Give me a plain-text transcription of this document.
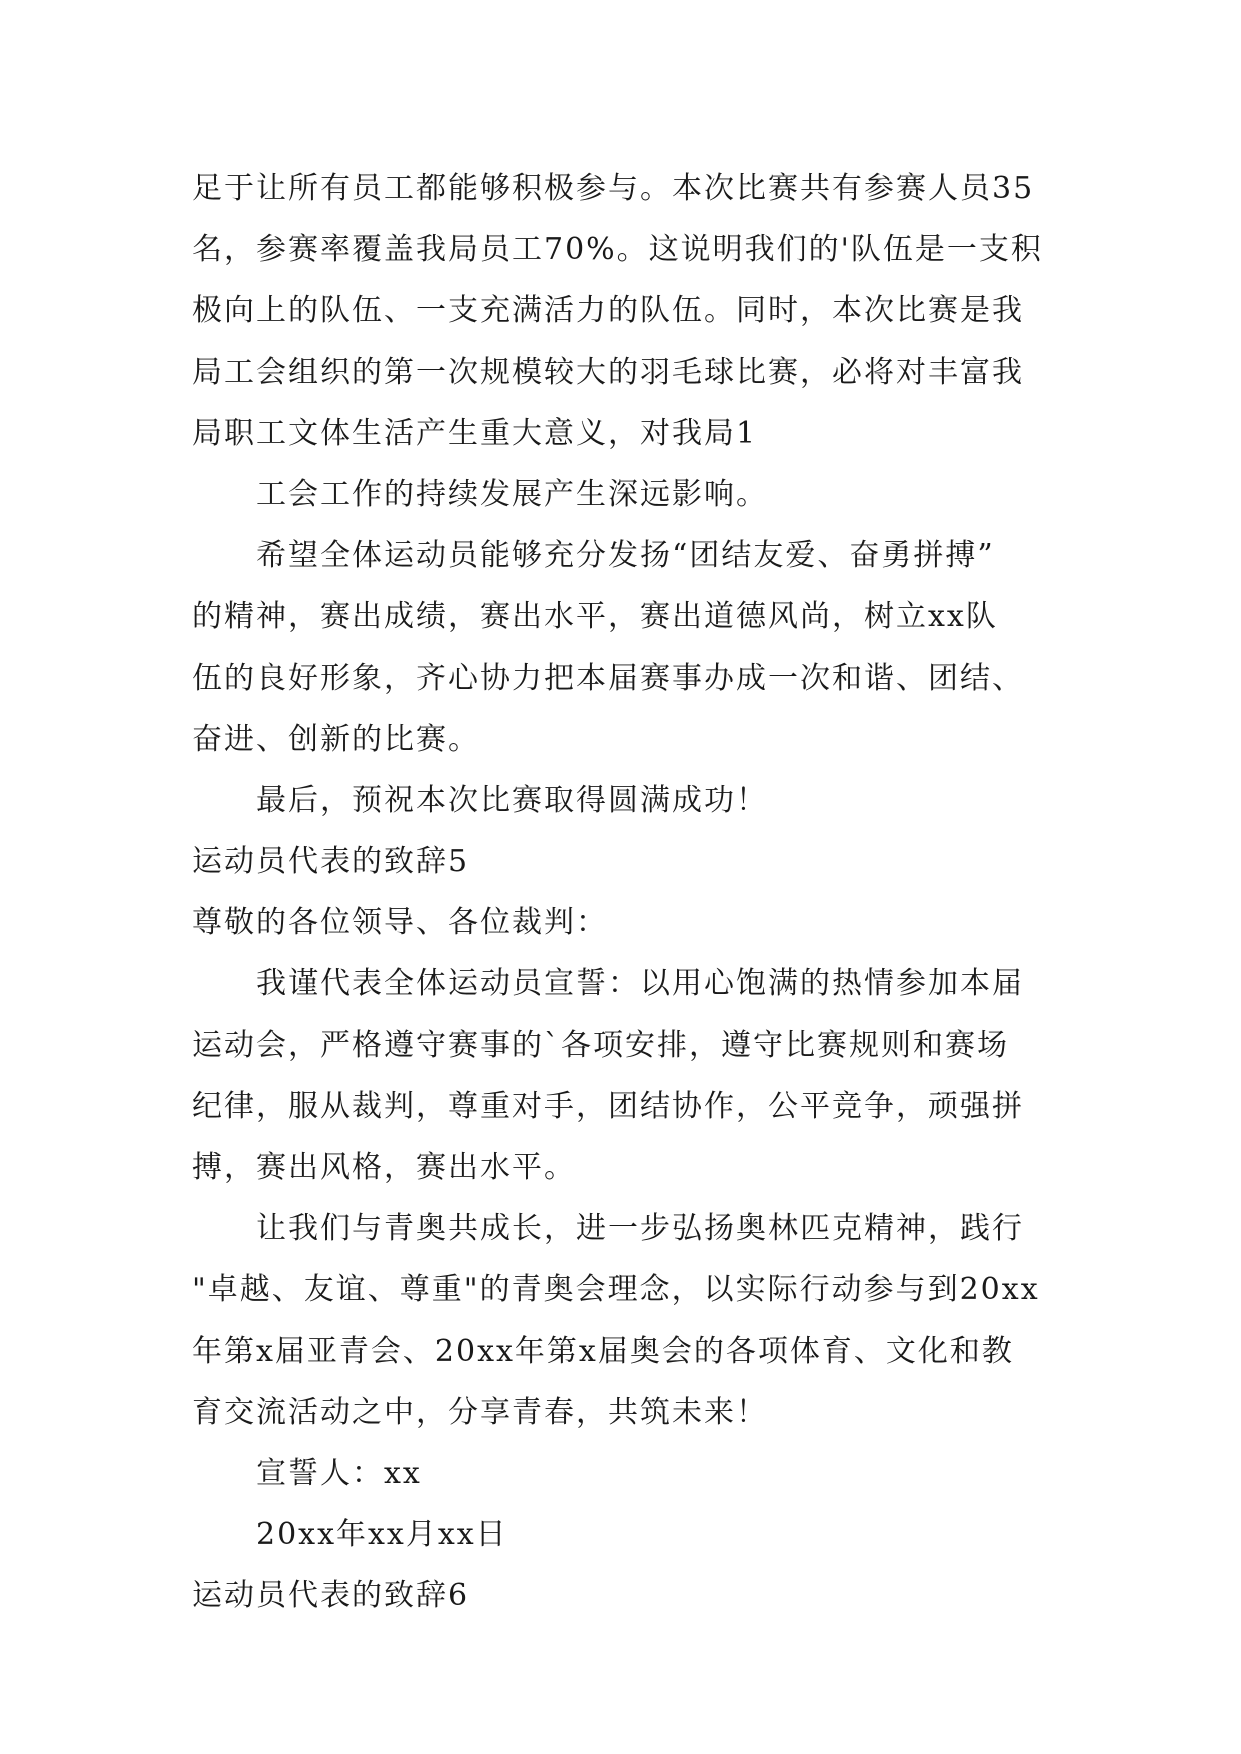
足于让所有员工都能够积极参与。本次比赛共有参赛人员35
名，参赛率覆盖我局员工70%。这说明我们的'队伍是一支积
极向上的队伍、一支充满活力的队伍。同时，本次比赛是我
局工会组织的第一次规模较大的羽毛球比赛，必将对丰富我
局职工文体生活产生重大意义，对我局1
工会工作的持续发展产生深远影响。
希望全体运动员能够充分发扬“团结友爱、奋勇拼搏”
的精神，赛出成绩，赛出水平，赛出道德风尚，树立xx队
伍的良好形象，齐心协力把本届赛事办成一次和谐、团结、
奋进、创新的比赛。
最后，预祝本次比赛取得圆满成功！
运动员代表的致辞5
尊敬的各位领导、各位裁判：
我谨代表全体运动员宣誓：以用心饱满的热情参加本届
运动会，严格遵守赛事的`各项安排，遵守比赛规则和赛场
纪律，服从裁判，尊重对手，团结协作，公平竞争，顽强拼
搏，赛出风格，赛出水平。
让我们与青奥共成长，进一步弘扬奥林匹克精神，践行
"卓越、友谊、尊重"的青奥会理念，以实际行动参与到20xx
年第x届亚青会、20xx年第x届奥会的各项体育、文化和教
育交流活动之中，分享青春，共筑未来！
宣誓人：xx
20xx年xx月xx日
运动员代表的致辞6
